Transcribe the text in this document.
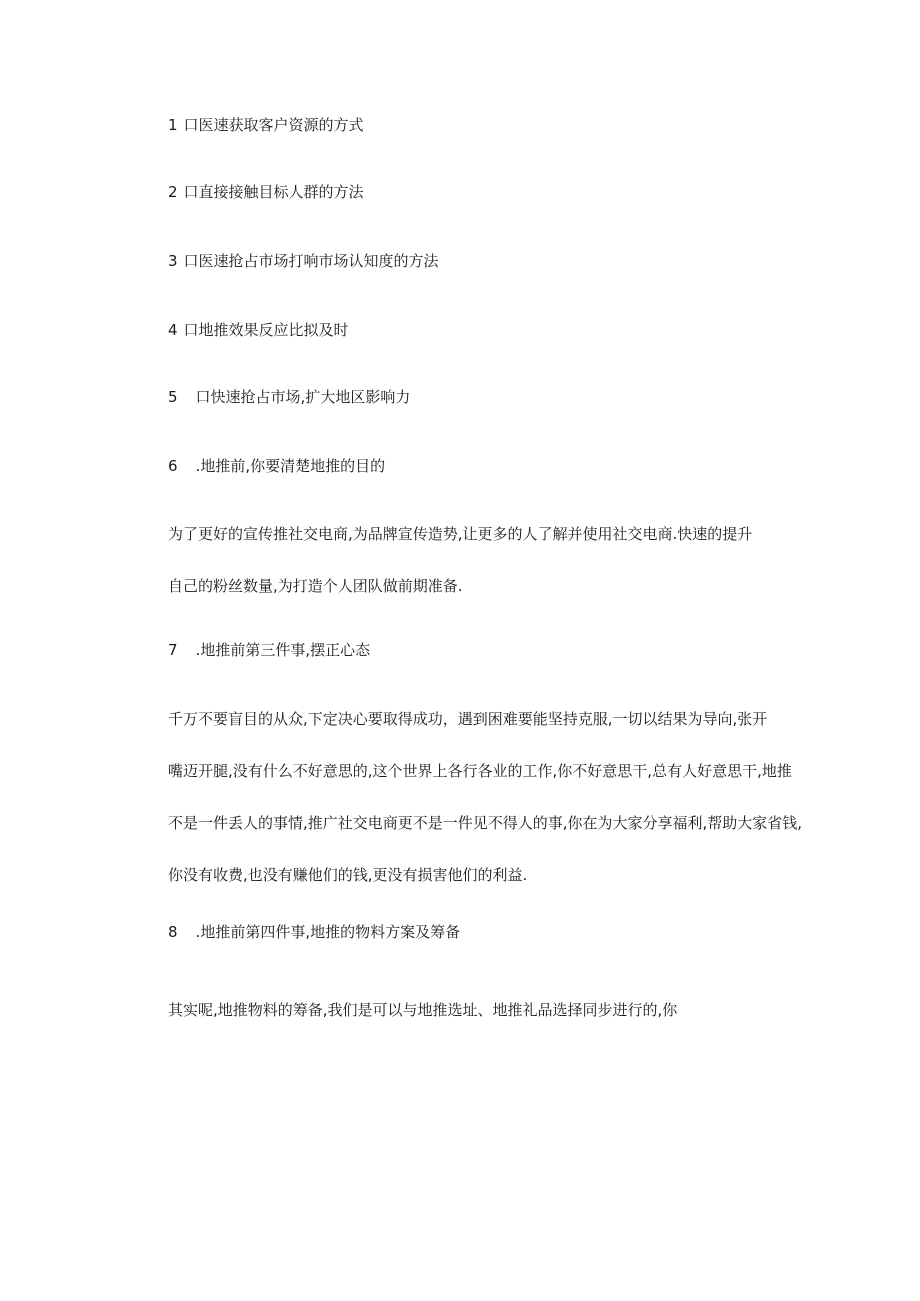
1 口医速获取客户资源的方式
2 口直接接触目标人群的方法
3 口医速抢占市场打响市场认知度的方法
4 口地推效果反应比拟及时
5 口快速抢占市场,扩大地区影响力
6 .地推前,你要清楚地推的目的

为了更好的宣传推社交电商,为品牌宣传造势,让更多的人了解并使用社交电商.快速的提升

自己的粉丝数量,为打造个人团队做前期准备.

7 .地推前第三件事,摆正心态

千万不要盲目的从众,下定决心要取得成功，遇到困难要能坚持克服,一切以结果为导向,张开

嘴迈开腿,没有什么不好意思的,这个世界上各行各业的工作,你不好意思干,总有人好意思干,地推

不是一件丢人的事情,推广社交电商更不是一件见不得人的事,你在为大家分享福利,帮助大家省钱,

你没有收费,也没有赚他们的钱,更没有损害他们的利益.

8 .地推前第四件事,地推的物料方案及筹备

其实呢,地推物料的筹备,我们是可以与地推选址、地推礼品选择同步进行的,你
